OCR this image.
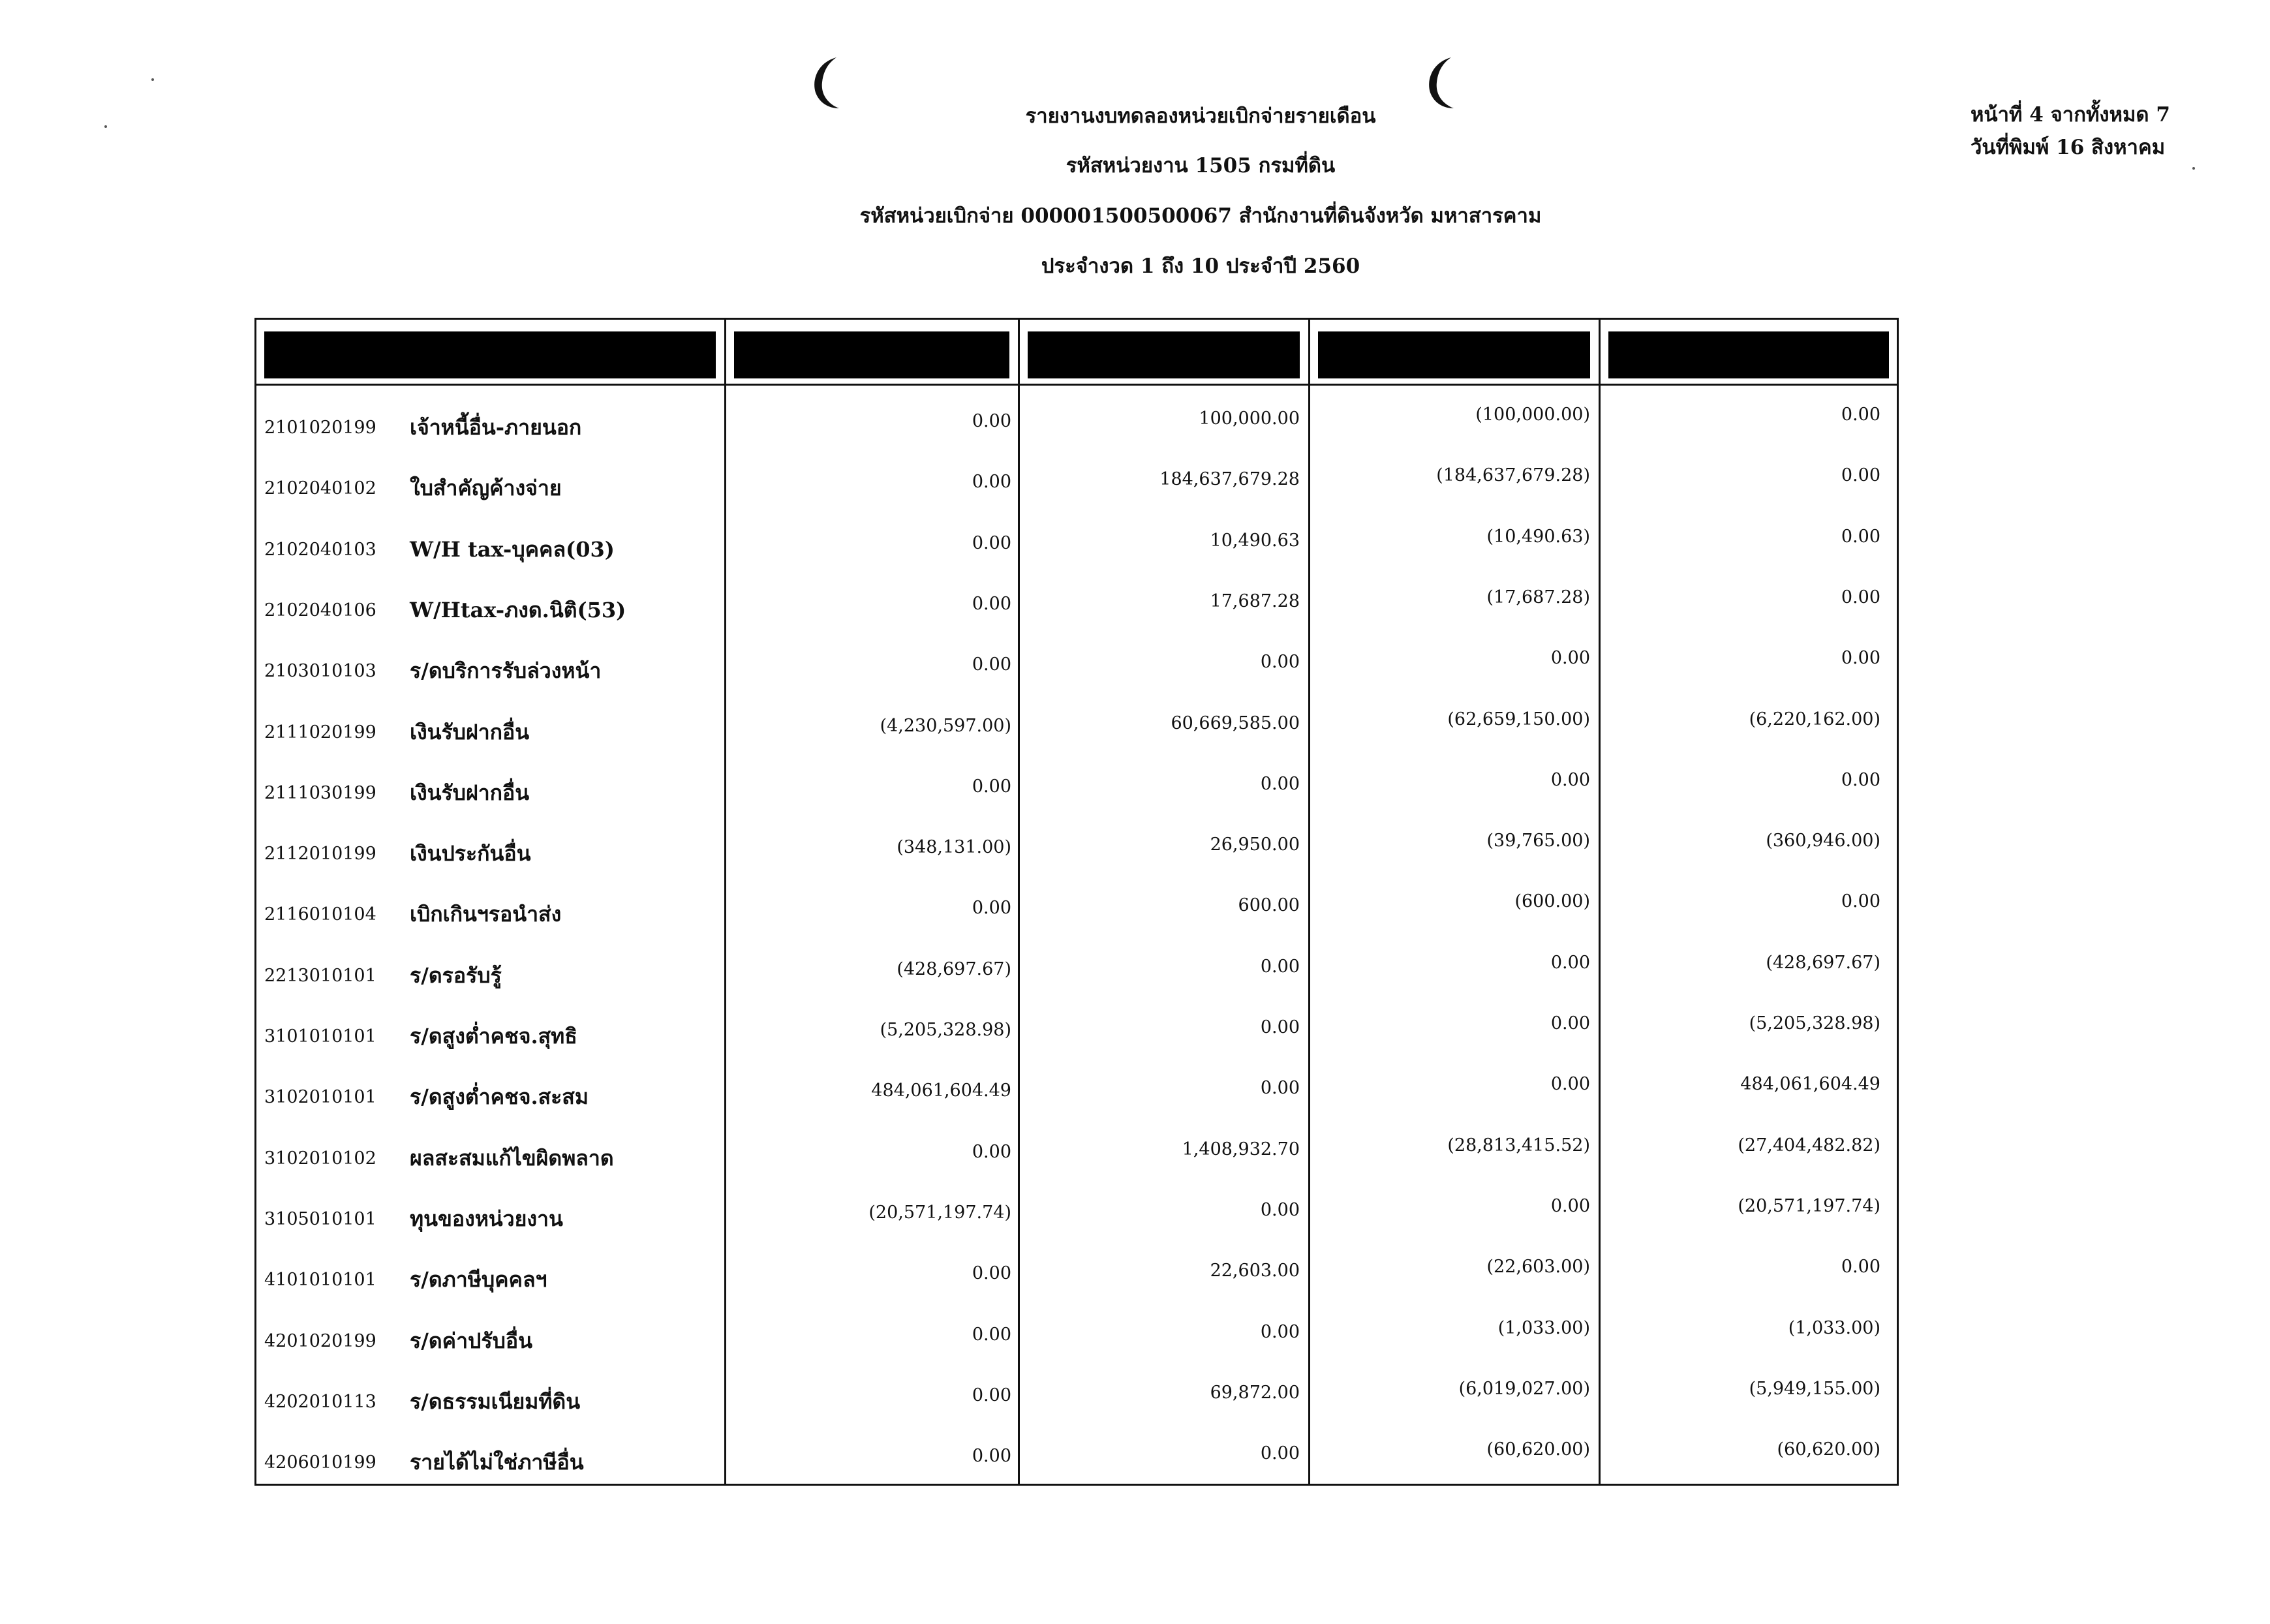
รายงานงบทดลองหน่วยเบิกจ่ายรายเดือน
รหัสหน่วยงาน 1505 กรมที่ดิน
รหัสหน่วยเบิกจ่าย 000001500500067 สำนักงานที่ดินจังหวัด มหาสารคาม
ประจำงวด 1 ถึง 10 ประจำปี 2560
หน้าที่ 4 จากทั้งหมด 7
วันที่พิมพ์ 16 สิงหาคม
2101020199 เจ้าหนี้อื่น-ภายนอก	0.00	100,000.00	(100,000.00)	0.00
2102040102 ใบสำคัญค้างจ่าย	0.00	184,637,679.28	(184,637,679.28)	0.00
2102040103 W/H tax-บุคคล(03)	0.00	10,490.63	(10,490.63)	0.00
2102040106 W/Htax-ภงด.นิติ(53)	0.00	17,687.28	(17,687.28)	0.00
2103010103 ร/ดบริการรับล่วงหน้า	0.00	0.00	0.00	0.00
2111020199 เงินรับฝากอื่น	(4,230,597.00)	60,669,585.00	(62,659,150.00)	(6,220,162.00)
2111030199 เงินรับฝากอื่น	0.00	0.00	0.00	0.00
2112010199 เงินประกันอื่น	(348,131.00)	26,950.00	(39,765.00)	(360,946.00)
2116010104 เบิกเกินฯรอนำส่ง	0.00	600.00	(600.00)	0.00
2213010101 ร/ดรอรับรู้	(428,697.67)	0.00	0.00	(428,697.67)
3101010101 ร/ดสูงต่ำคชจ.สุทธิ	(5,205,328.98)	0.00	0.00	(5,205,328.98)
3102010101 ร/ดสูงต่ำคชจ.สะสม	484,061,604.49	0.00	0.00	484,061,604.49
3102010102 ผลสะสมแก้ไขผิดพลาด	0.00	1,408,932.70	(28,813,415.52)	(27,404,482.82)
3105010101 ทุนของหน่วยงาน	(20,571,197.74)	0.00	0.00	(20,571,197.74)
4101010101 ร/ดภาษีบุคคลฯ	0.00	22,603.00	(22,603.00)	0.00
4201020199 ร/ดค่าปรับอื่น	0.00	0.00	(1,033.00)	(1,033.00)
4202010113 ร/ดธรรมเนียมที่ดิน	0.00	69,872.00	(6,019,027.00)	(5,949,155.00)
4206010199 รายได้ไม่ใช่ภาษีอื่น	0.00	0.00	(60,620.00)	(60,620.00)
